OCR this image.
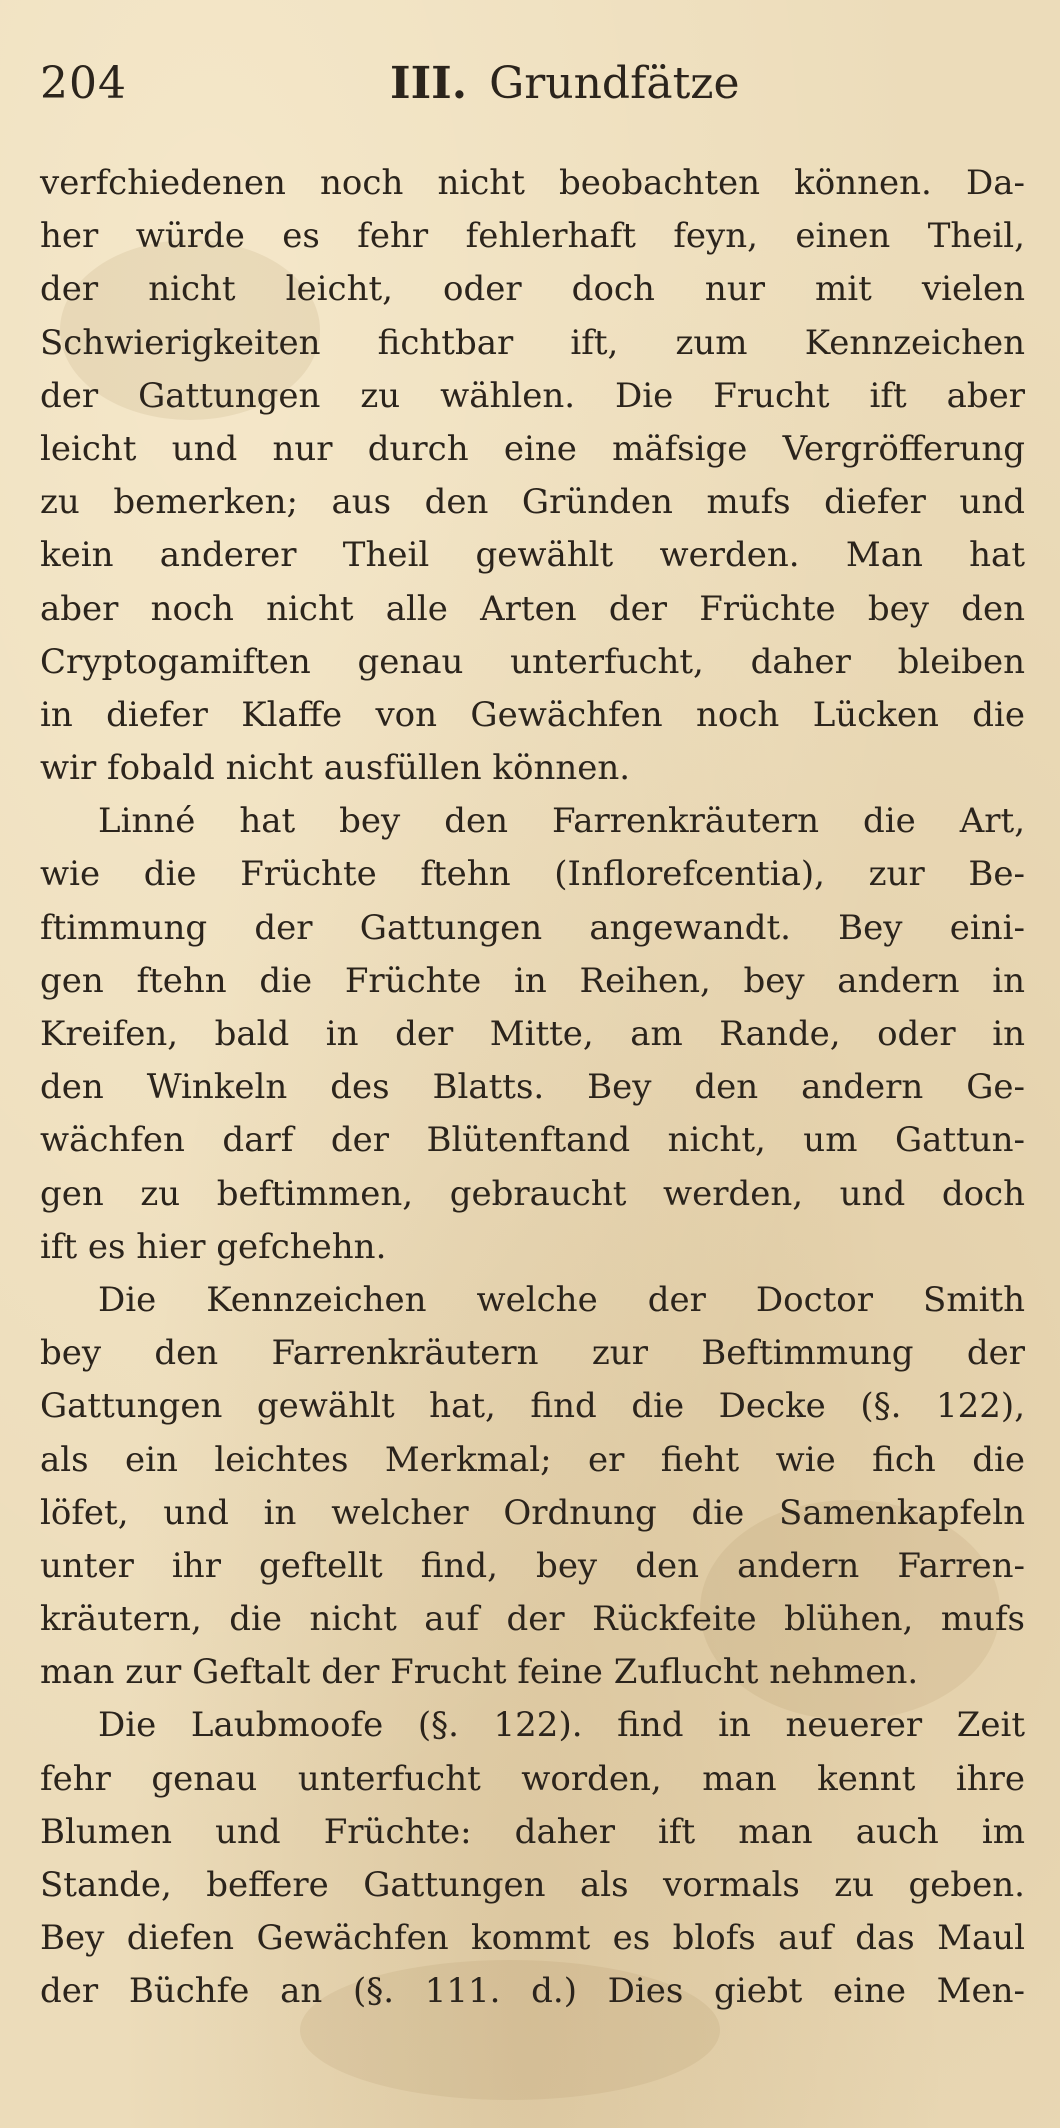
204	III. Grundfätze
verfchiedenen noch nicht beobachten können. Da-
her würde es fehr fehlerhaft feyn, einen Theil,
der nicht leicht, oder doch nur mit vielen
Schwierigkeiten fichtbar ift, zum Kennzeichen
der Gattungen zu wählen. Die Frucht ift aber
leicht und nur durch eine mäfsige Vergröfferung
zu bemerken; aus den Gründen mufs diefer und
kein anderer Theil gewählt werden. Man hat
aber noch nicht alle Arten der Früchte bey den
Cryptogamiften genau unterfucht, daher bleiben
in diefer Klaffe von Gewächfen noch Lücken die
wir fobald nicht ausfüllen können.
Linné hat bey den Farrenkräutern die Art,
wie die Früchte ftehn (Inflorefcentia), zur Be-
ftimmung der Gattungen angewandt. Bey eini-
gen ftehn die Früchte in Reihen, bey andern in
Kreifen, bald in der Mitte, am Rande, oder in
den Winkeln des Blatts. Bey den andern Ge-
wächfen darf der Blütenftand nicht, um Gattun-
gen zu beftimmen, gebraucht werden, und doch
ift es hier gefchehn.
Die Kennzeichen welche der Doctor Smith
bey den Farrenkräutern zur Beftimmung der
Gattungen gewählt hat, find die Decke (§. 122),
als ein leichtes Merkmal; er fieht wie fich die
löfet, und in welcher Ordnung die Samenkapfeln
unter ihr geftellt find, bey den andern Farren-
kräutern, die nicht auf der Rückfeite blühen, mufs
man zur Geftalt der Frucht feine Zuflucht nehmen.
Die Laubmoofe (§. 122). find in neuerer Zeit
fehr genau unterfucht worden, man kennt ihre
Blumen und Früchte: daher ift man auch im
Stande, beffere Gattungen als vormals zu geben.
Bey diefen Gewächfen kommt es blofs auf das Maul
der Büchfe an (§. 111. d.) Dies giebt eine Men-
